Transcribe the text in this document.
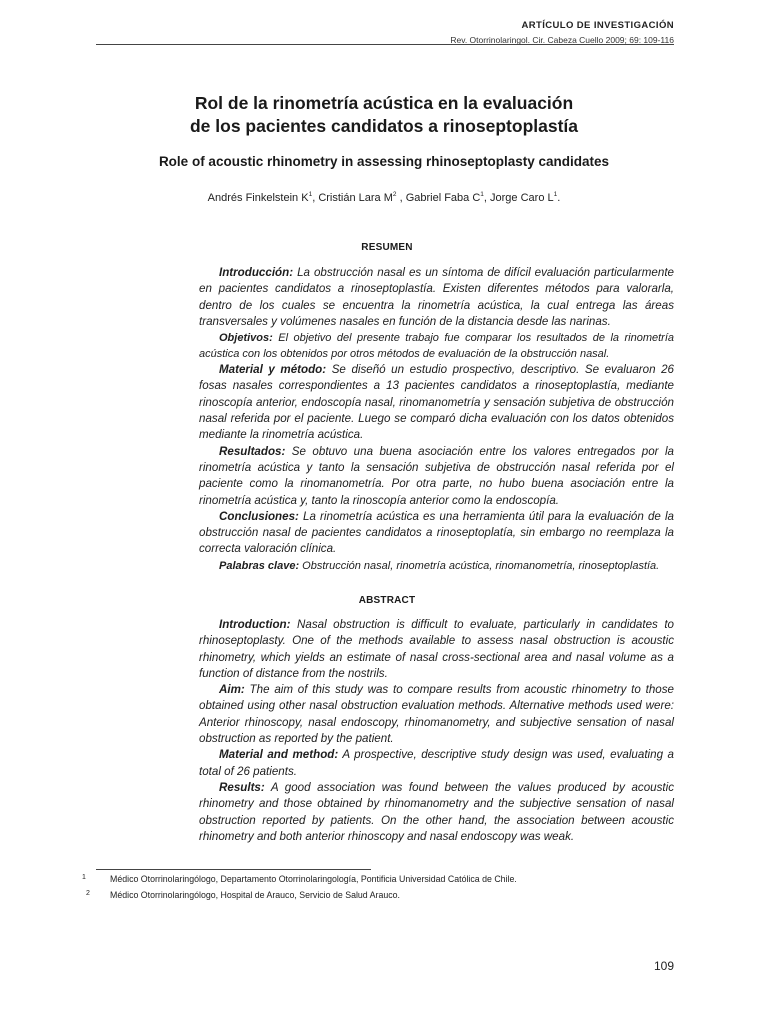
ARTÍCULO DE INVESTIGACIÓN
Rev. Otorrinolaringol. Cir. Cabeza Cuello 2009; 69: 109-116
Rol de la rinometría acústica en la evaluación
de los pacientes candidatos a rinoseptoplastía
Role of acoustic rhinometry in assessing rhinoseptoplasty candidates
Andrés Finkelstein $K^1$, Cristián Lara $M^2$ , Gabriel Faba $C^1$, Jorge Caro $L^1$.
RESUMEN

Introducción: La obstrucción nasal es un síntoma de difícil evaluación particularmente en pacientes candidatos a rinoseptoplastía. Existen diferentes métodos para valorarla, dentro de los cuales se encuentra la rinometría acústica, la cual entrega las áreas transversales y volúmenes nasales en función de la distancia desde las narinas.

Objetivos: El objetivo del presente trabajo fue comparar los resultados de la rinometría acústica con los obtenidos por otros métodos de evaluación de la obstrucción nasal.

Material y método: Se diseñó un estudio prospectivo, descriptivo. Se evaluaron 26 fosas nasales correspondientes a 13 pacientes candidatos a rinoseptoplastía, mediante rinoscopía anterior, endoscopía nasal, rinomanometría y sensación subjetiva de obstrucción nasal referida por el paciente. Luego se comparó dicha evaluación con los datos obtenidos mediante la rinometría acústica.

Resultados: Se obtuvo una buena asociación entre los valores entregados por la rinometría acústica y tanto la sensación subjetiva de obstrucción nasal referida por el paciente como la rinomanometría. Por otra parte, no hubo buena asociación entre la rinometría acústica y, tanto la rinoscopía anterior como la endoscopía.

Conclusiones: La rinometría acústica es una herramienta útil para la evaluación de la obstrucción nasal de pacientes candidatos a rinoseptoplatía, sin embargo no reemplaza la correcta valoración clínica.

Palabras clave: Obstrucción nasal, rinometría acústica, rinomanometría, rinoseptoplastía.

ABSTRACT

Introduction: Nasal obstruction is difficult to evaluate, particularly in candidates to rhinoseptoplasty. One of the methods available to assess nasal obstruction is acoustic rhinometry, which yields an estimate of nasal cross-sectional area and nasal volume as a function of distance from the nostrils.

Aim: The aim of this study was to compare results from acoustic rhinometry to those obtained using other nasal obstruction evaluation methods. Alternative methods used were: Anterior rhinoscopy, nasal endoscopy, rhinomanometry, and subjective sensation of nasal obstruction as reported by the patient.

Material and method: A prospective, descriptive study design was used, evaluating a total of 26 patients.

Results: A good association was found between the values produced by acoustic rhinometry and those obtained by rhinomanometry and the subjective sensation of nasal obstruction reported by patients. On the other hand, the association between acoustic rhinometry and both anterior rhinoscopy and nasal endoscopy was weak.

1	Médico Otorrinolaringólogo, Departamento Otorrinolaringología, Pontificia Universidad Católica de Chile.
2	Médico Otorrinolaringólogo, Hospital de Arauco, Servicio de Salud Arauco.
109
